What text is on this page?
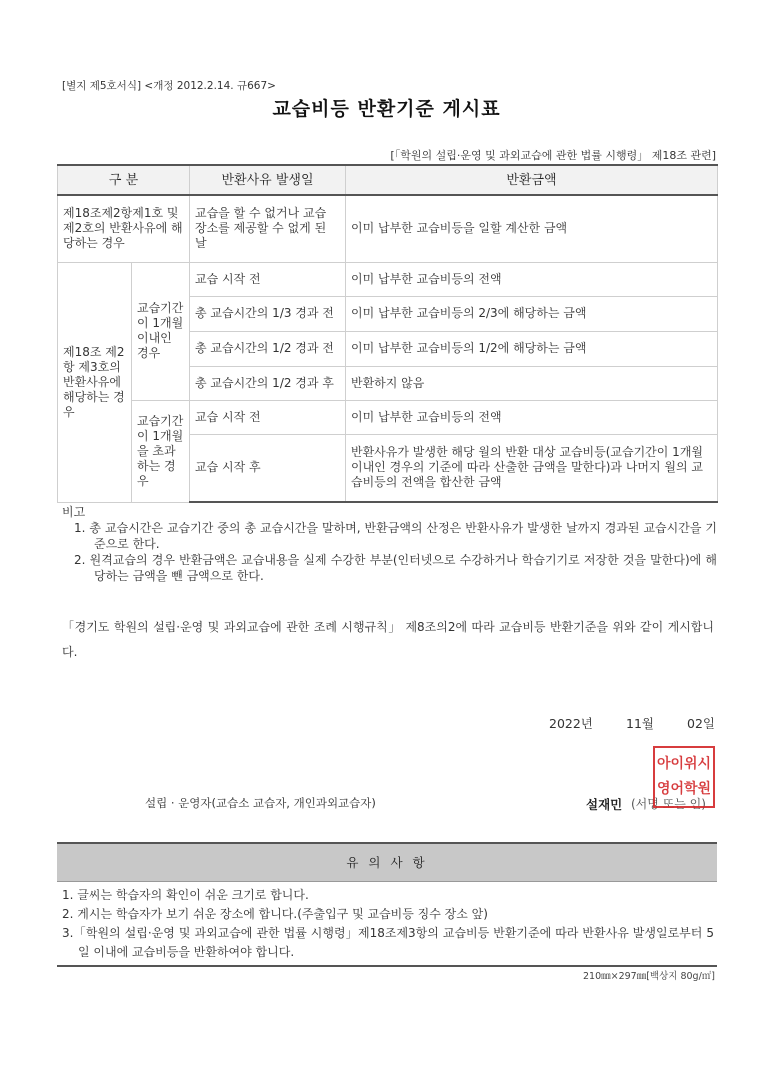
[별지 제5호서식] <개정 2012.2.14. 규667>
교습비등 반환기준 게시표
[「학원의 설립·운영 및 과외교습에 관한 법률 시행령」 제18조 관련]
구 분		반환사유 발생일	반환금액
제18조제2항제1호 및 제2호의 반환사유에 해당하는 경우		교습을 할 수 없거나 교습 장소를 제공할 수 없게 된 날	이미 납부한 교습비등을 일할 계산한 금액
제18조 제2항 제3호의 반환사유에 해당하는 경우	교습기간이 1개월 이내인 경우	교습 시작 전	이미 납부한 교습비등의 전액
		총 교습시간의 1/3 경과 전	이미 납부한 교습비등의 2/3에 해당하는 금액
		총 교습시간의 1/2 경과 전	이미 납부한 교습비등의 1/2에 해당하는 금액
		총 교습시간의 1/2 경과 후	반환하지 않음
	교습기간이 1개월을 초과하는 경우	교습 시작 전	이미 납부한 교습비등의 전액
		교습 시작 후	반환사유가 발생한 해당 월의 반환 대상 교습비등(교습기간이 1개월 이내인 경우의 기준에 따라 산출한 금액을 말한다)과 나머지 월의 교습비등의 전액을 합산한 금액
비고
1. 총 교습시간은 교습기간 중의 총 교습시간을 말하며, 반환금액의 산정은 반환사유가 발생한 날까지 경과된 교습시간을 기준으로 한다.
2. 원격교습의 경우 반환금액은 교습내용을 실제 수강한 부분(인터넷으로 수강하거나 학습기기로 저장한 것을 말한다)에 해당하는 금액을 뺀 금액으로 한다.
「경기도 학원의 설립·운영 및 과외교습에 관한 조례 시행규칙」 제8조의2에 따라 교습비등 반환기준을 위와 같이 게시합니다.
2022년	11월	02일
설립 · 운영자(교습소 교습자, 개인과외교습자)	(서명 또는 인)
아이위시
영어학원
설재민
유 의 사 항
1. 글씨는 학습자의 확인이 쉬운 크기로 합니다.
2. 게시는 학습자가 보기 쉬운 장소에 합니다.(주출입구 및 교습비등 징수 장소 앞)
3.「학원의 설립·운영 및 과외교습에 관한 법률 시행령」제18조제3항의 교습비등 반환기준에 따라 반환사유 발생일로부터 5일 이내에 교습비등을 반환하여야 합니다.
210㎜×297㎜[백상지 80g/㎡]
